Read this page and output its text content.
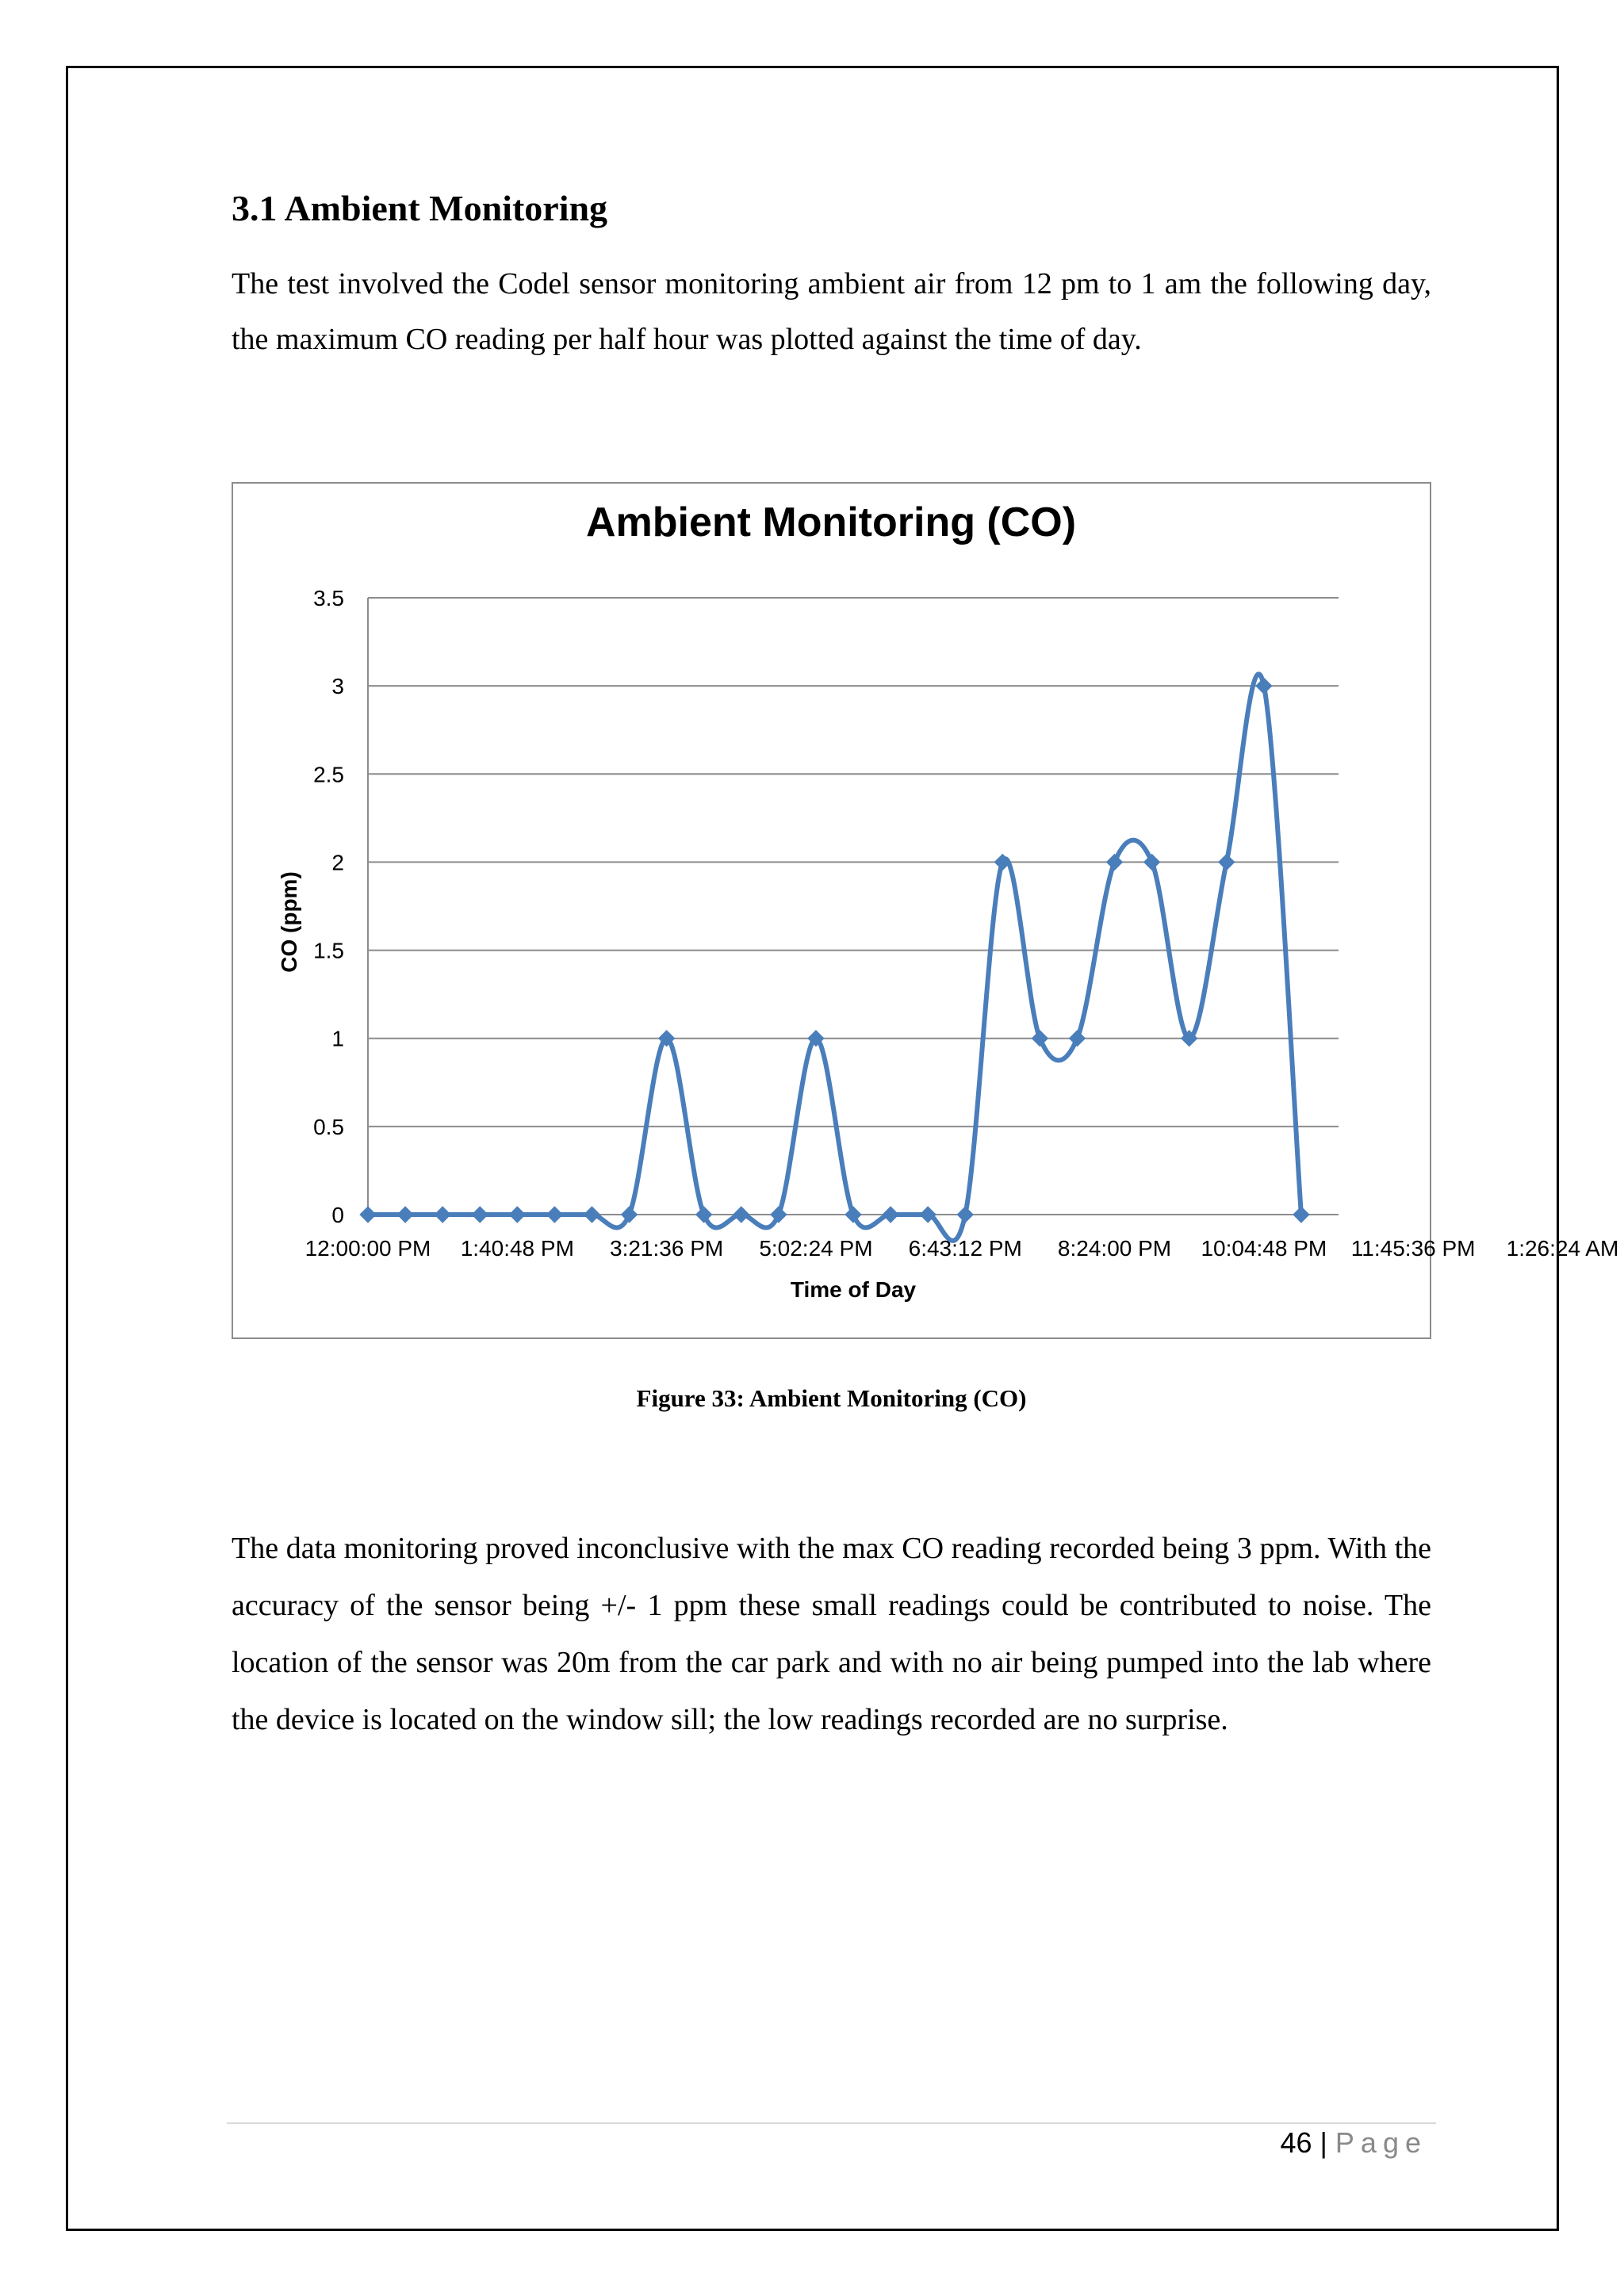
3.1 Ambient Monitoring

The test involved the Codel sensor monitoring ambient air from 12 pm to 1 am the following day, the maximum CO reading per half hour was plotted against the time of day.

Ambient Monitoring (CO)
0
0.5
1
1.5
2
2.5
3
3.5
12:00:00 PM 1:40:48 PM 3:21:36 PM 5:02:24 PM 6:43:12 PM 8:24:00 PM 10:04:48 PM 11:45:36 PM 1:26:24 AM
Time of Day
CO (ppm)

Figure 33: Ambient Monitoring (CO)

The data monitoring proved inconclusive with the max CO reading recorded being 3 ppm. With the accuracy of the sensor being +/- 1 ppm these small readings could be contributed to noise. The location of the sensor was 20m from the car park and with no air being pumped into the lab where the device is located on the window sill; the low readings recorded are no surprise.

46 | Page
